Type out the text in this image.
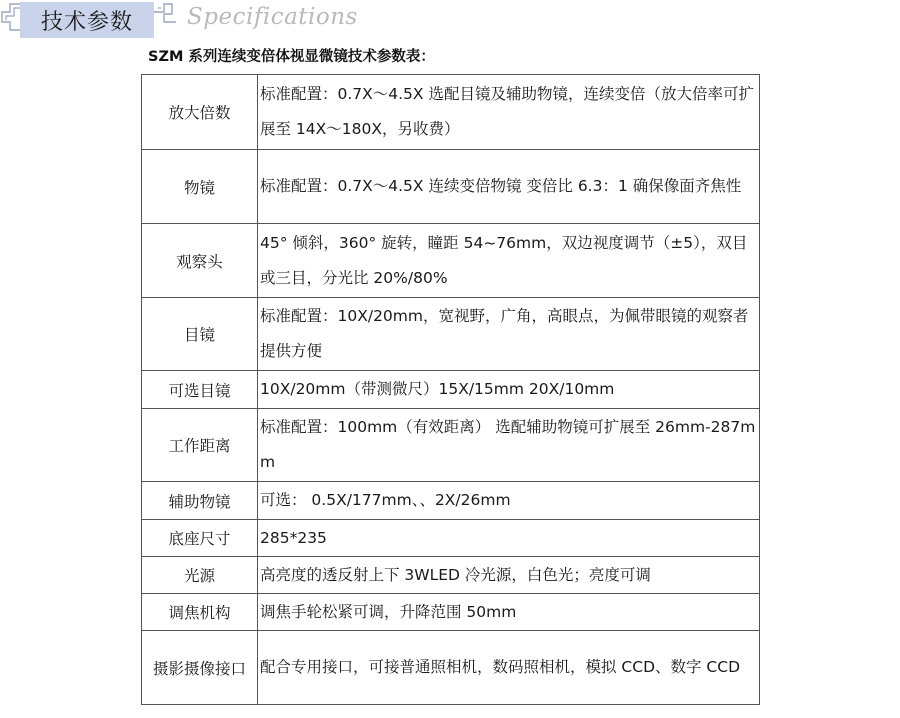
技术参数 Specifications
SZM 系列连续变倍体视显微镜技术参数表：
放大倍数	标准配置：0.7X～4.5X 选配目镜及辅助物镜，连续变倍（放大倍率可扩展至 14X～180X，另收费）
物镜	标准配置：0.7X～4.5X 连续变倍物镜 变倍比 6.3：1 确保像面齐焦性
观察头	45° 倾斜，360° 旋转，瞳距 54~76mm，双边视度调节（±5），双目或三目，分光比 20%/80%
目镜	标准配置：10X/20mm，宽视野，广角，高眼点，为佩带眼镜的观察者提供方便
可选目镜	10X/20mm（带测微尺）15X/15mm 20X/10mm
工作距离	标准配置：100mm（有效距离） 选配辅助物镜可扩展至 26mm-287mm
辅助物镜	可选： 0.5X/177mm、、2X/26mm
底座尺寸	285*235
光源	高亮度的透反射上下 3WLED 冷光源，白色光；亮度可调
调焦机构	调焦手轮松紧可调，升降范围 50mm
摄影摄像接口	配合专用接口，可接普通照相机，数码照相机，模拟 CCD、数字 CCD
